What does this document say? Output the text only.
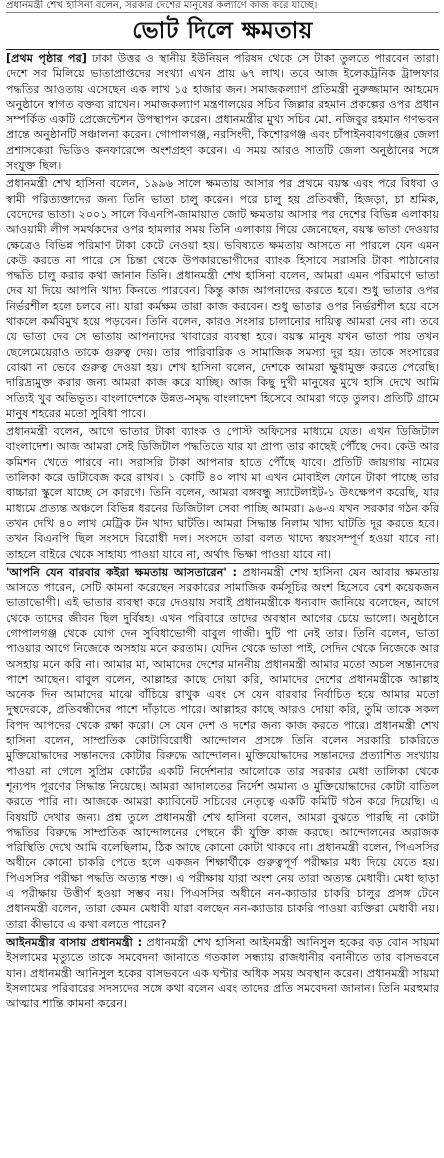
প্রধানমন্ত্রী শেখ হাসিনা বলেন, সরকার দেশের মানুষের কল্যাণে কাজ করে যাচ্ছে।
ভোট দিলে ক্ষমতায়

[প্রথম পৃষ্ঠার পর] ঢাকা উত্তর ও স্থানীয় ইউনিয়ন পরিষদ থেকে সে টাকা তুলতে পারবেন তারা। দেশে সব মিলিয়ে ভাতাপ্রাপ্তদের সংখ্যা এখন প্রায় ৬৭ লাখ। তবে আজ ইলেকট্রনিক ট্রান্সফার পদ্ধতির আওতায় এসেছেন এক লাখ ১৫ হাজার জন। সমাজকল্যাণ প্রতিমন্ত্রী নুরুজ্জামান আহমেদ অনুষ্ঠানে স্বাগত বক্তব্য রাখেন। সমাজকল্যাণ মন্ত্রণালয়ের সচিব জিল্লার রহমান প্রকল্পের ওপর প্রধান সম্পর্কিত একটি প্রেজেন্টেশন উপস্থাপন করেন। প্রধানমন্ত্রীর মুখ্য সচিব মো. নজিবুর রহমান গণভবন প্রান্তে অনুষ্ঠানটি সঞ্চালনা করেন। গোপালগঞ্জ, নরসিংদী, কিশোরগঞ্জ এবং চাঁপাইনবাবগঞ্জের জেলা প্রশাসকেরা ভিডিও কনফারেন্সে অংশগ্রহণ করেন। এ সময় আরও সাতটি জেলা অনুষ্ঠানের সঙ্গে সংযুক্ত ছিল।

প্রধানমন্ত্রী শেখ হাসিনা বলেন, ১৯৯৬ সালে ক্ষমতায় আসার পর প্রথমে বয়স্ক এবং পরে বিধবা ও স্বামী পরিত্যক্তাদের জন্য তিনি ভাতা চালু করেন। পরে চালু হয় প্রতিবন্ধী, হিজড়া, চা শ্রমিক, বেদেদের ভাতা। ২০০১ সালে বিএনপি-জামায়াত জোট ক্ষমতায় আসার পর দেশের বিভিন্ন এলাকায় আওয়ামী লীগ সমর্থকদের ওপর হামলার সময় তিনি এলাকায় গিয়ে জেনেছেন, বয়স্ক ভাতা দেওয়ার ক্ষেত্রেও বিভিন্ন পরিমাণ টাকা কেটে নেওয়া হয়। ভবিষ্যতে ক্ষমতায় আসতে না পারলে যেন এমন কেউ করতে না পারে সে চিন্তা থেকে উপকারভোগীদের ব্যাংক হিসাবে সরাসরি টাকা পাঠানোর পদ্ধতি চালু করার কথা জানান তিনি। প্রধানমন্ত্রী শেখ হাসিনা বলেন, আমরা এমন পরিমাণে ভাতা দেব যা দিয়ে আপনি খাদ্য কিনতে পারবেন। কিন্তু কাজ আপনাদের করতে হবে। শুধু ভাতার ওপর নির্ভরশীল হলে চলবে না। যারা কর্মক্ষম তারা কাজ করবেন। শুধু ভাতার ওপর নির্ভরশীল হয়ে বসে থাকলে কর্মবিমুখ হয়ে পড়বেন। তিনি বলেন, কারও সংসার চালানোর দায়িত্ব আমরা নেব না। তবে যে ভাতা দেব সে ভাতায় আপনাদের খাবারের ব্যবস্থা হবে। বয়স্ক মানুষ যখন ভাতা পায় তখন ছেলেমেয়েরাও তাকে গুরুত্ব দেয়। তার পারিবারিক ও সামাজিক সমস্যা দূর হয়। তাকে সংসারের বোঝা না ভেবে গুরুত্ব দেওয়া হয়। শেখ হাসিনা বলেন, দেশকে আমরা ক্ষুধামুক্ত করতে পেরেছি। দারিদ্র্যমুক্ত করার জন্য আমরা কাজ করে যাচ্ছি। আজ কিছু দুখী মানুষের মুখে হাসি দেখে আমি সত্যিই খুব অভিভূত। বাংলাদেশকে উন্নত-সমৃদ্ধ বাংলাদেশ হিসেবে আমরা গড়ে তুলব। প্রতিটি গ্রামে মানুষ শহরের মতো সুবিধা পাবে।

প্রধানমন্ত্রী বলেন, আগে ভাতার টাকা ব্যাংক ও পোস্ট অফিসের মাধ্যমে যেত। এখন ডিজিটাল বাংলাদেশ। আজ আমরা সেই ডিজিটাল পদ্ধতিতে যার যা প্রাপ্য তার কাছেই পৌঁছে দেব। কেউ আর কমিশন খেতে পারবে না। সরাসরি টাকা আপনার হাতে পৌঁছে যাবে। প্রতিটি জায়গায় নামের তালিকা করে ডাটাবেজ করে রাখব। ১ কোটি ৪০ লাখ মা এখন মোবাইল ফোনে টাকা পাচ্ছে তার বাচ্চারা স্কুলে যাচ্ছে সে কারণে। তিনি বলেন, আমরা বঙ্গবন্ধু স্যাটেলাইট-১ উৎক্ষেপণ করেছি, যার মাধ্যমে প্রত্যন্ত অঞ্চলে বিভিন্ন ধরনের ডিজিটাল সেবা পাচ্ছি আমরা। ৯৬-এ যখন সরকার গঠন করি তখন দেখি ৪০ লাখ মেট্রিক টন খাদ্য ঘাটতি। আমরা সিদ্ধান্ত নিলাম খাদ্য ঘাটতি দূর করতে হবে। তখন বিএনপি ছিল সংসদে বিরোধী দল। সংসদে তারা বলত খাদ্যে স্বয়ংসম্পূর্ণ হওয়া যাবে না। তাহলে বাইরে থেকে সাহায্য পাওয়া যাবে না, অর্থাৎ ভিক্ষা পাওয়া যাবে না।

'আপনি যেন বারবার কইরা ক্ষমতায় আসতারেন' : প্রধানমন্ত্রী শেখ হাসিনা যেন আবার ক্ষমতায় আসতে পারেন, সেটি কামনা করেছেন সরকারের সামাজিক কর্মসূচির অংশ হিসেবে বেশ কয়েকজন ভাতাভোগী। এই ভাতার ব্যবস্থা করে দেওয়ায় সবাই প্রধানমন্ত্রীকে ধন্যবাদ জানিয়ে বলেছেন, আগে থেকে তাদের জীবন ছিল দুর্বিষহ। এখন পরিবারে তাদের অবস্থান আগের চেয়ে ভালো। অনুষ্ঠানে গোপালগঞ্জ থেকে যোগ দেন সুবিধাভোগী বাবুল গাজী। দুটি পা নেই তার। তিনি বলেন, ভাতা পাওয়ার আগে নিজেকে অসহায় মনে করতাম। যেদিন থেকে ভাতা পাই, সেদিন থেকে নিজেকে আর অসহায় মনে করি না। আমার মা, আমাদের দেশের মাননীয় প্রধানমন্ত্রী আমার মতো অচল সন্তানদের পাশে আছেন। বাবুল বলেন, আল্লাহর কাছে দোয়া করি, আমাদের দেশের প্রধানমন্ত্রীকে আল্লাহ অনেক দিন আমাদের মাঝে বাঁচিয়ে রাখুক এবং সে যেন বারবার নির্বাচিত হয়ে আমার মতো দুস্থদেরকে, প্রতিবন্ধীদের পাশে দাঁড়াতে পারে। আল্লাহর কাছে আরও দোয়া করি, তুমি তাকে সকল বিপদ আপদের থেকে রক্ষা করো। সে যেন দেশ ও দশের জন্য কাজ করতে পারে। প্রধানমন্ত্রী শেখ হাসিনা বলেন, সাম্প্রতিক কোটাবিরোধী আন্দোলন প্রসঙ্গে তিনি বলেন সরকারি চাকরিতে মুক্তিযোদ্ধাদের সন্তানদের কোটার বিরুদ্ধে আন্দোলন। মুক্তিযোদ্ধাদের সন্তানদের প্রত্যাশিত সংখ্যায় পাওয়া না গেলে সুপ্রিম কোর্টের একটি নির্দেশনার আলোকে তার সরকার মেধা তালিকা থেকে শূন্যপদ পূরণের সিদ্ধান্ত নিয়েছে। আমরা আদালতের নির্দেশ অমান্য ও মুক্তিযোদ্ধাদের কোটা বাতিল করতে পারি না। আজকে আমরা ক্যাবিনেট সচিবের নেতৃত্বে একটি কমিটি গঠন করে দিয়েছি। এ বিষয়টি দেখার জন্য। প্রশ্ন তুলে প্রধানমন্ত্রী শেখ হাসিনা বলেন, আমরা বুঝতে পারছি না কোটা পদ্ধতির বিরুদ্ধে সাম্প্রতিক আন্দোলনের পেছনে কী যুক্তি কাজ করছে। আন্দোলনের অরাজক পরিস্থিতি দেখে আমি বলেছিলাম, ঠিক আছে কোনো কোটা থাকবে না। প্রধানমন্ত্রী বলেন, পিএসসির অধীনে কোনো চাকরি পেতে হলে একজন শিক্ষার্থীকে গুরুত্বপূর্ণ পরীক্ষার মধ্য দিয়ে যেতে হয়। পিএসসির পরীক্ষা পদ্ধতি অত্যন্ত শক্ত। এ পরীক্ষায় যারা অংশ নেয় তারা অত্যন্ত মেধাবী। মেধা ছাড়া এ পরীক্ষায় উত্তীর্ণ হওয়া সম্ভব নয়। পিএসসির অধীনে নন-ক্যাডার চাকরি চালুর প্রসঙ্গ টেনে প্রধানমন্ত্রী বলেন, তারা কেমন মেধাবী যারা বলছেন নন-ক্যাডার চাকরি পাওয়া ব্যক্তিরা মেধাবী নয়। তারা কীভাবে এ কথা বলতে পারেন?

আইনমন্ত্রীর বাসায় প্রধানমন্ত্রী : প্রধানমন্ত্রী শেখ হাসিনা আইনমন্ত্রী আনিসুল হকের বড় বোন সায়মা ইসলামের মৃত্যুতে তাকে সমবেদনা জানাতে গতকাল সন্ধ্যায় রাজধানীর বনানীতে তার বাসভবনে যান। প্রধানমন্ত্রী আনিসুল হকের বাসভবনে এক ঘণ্টার অধিক সময় অবস্থান করেন। প্রধানমন্ত্রী সায়মা ইসলামের পরিবারের সদস্যদের সঙ্গে কথা বলেন এবং তাদের প্রতি সমবেদনা জানান। তিনি মরহুমার আত্মার শান্তি কামনা করেন।
